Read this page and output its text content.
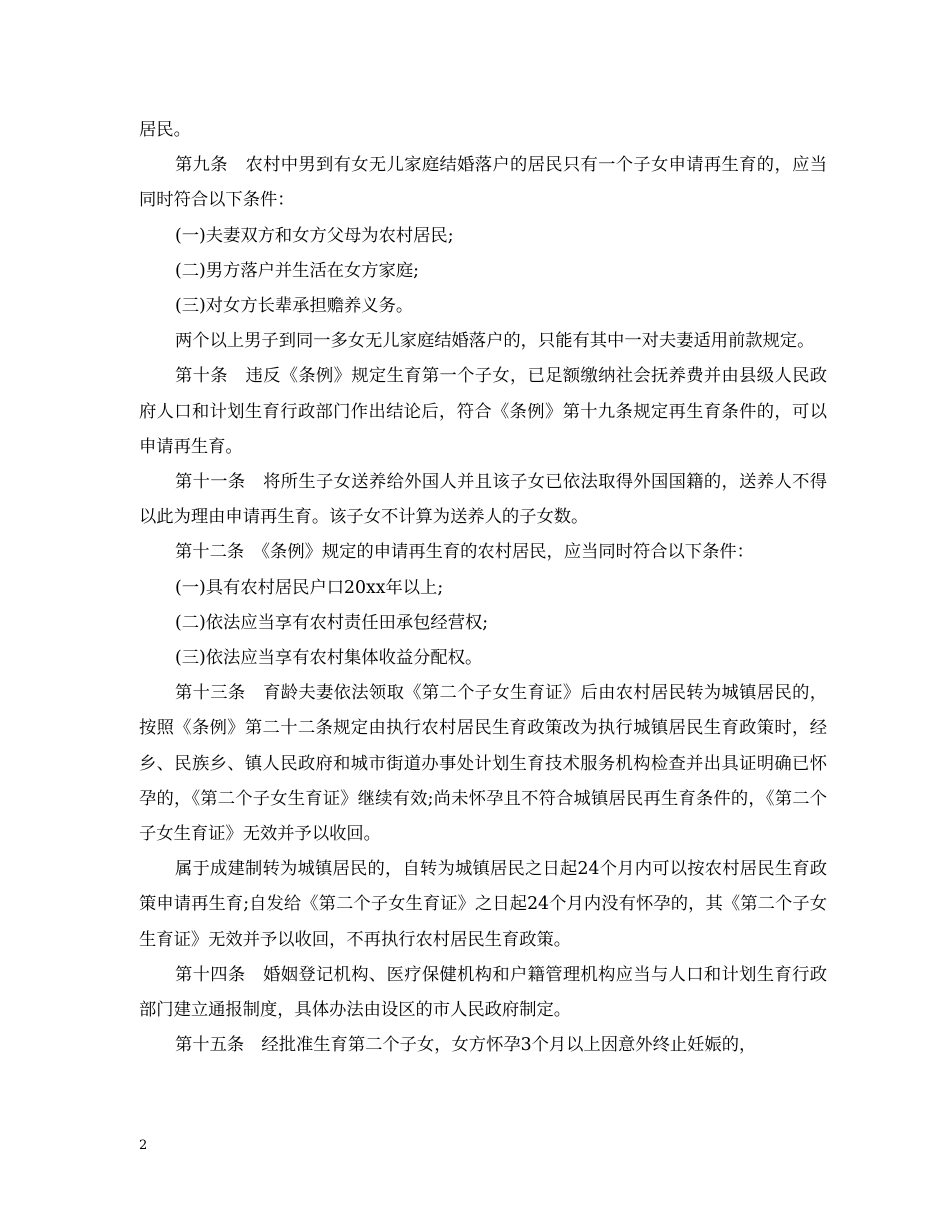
居民。

第九条　农村中男到有女无儿家庭结婚落户的居民只有一个子女申请再生育的，应当同时符合以下条件：

(一)夫妻双方和女方父母为农村居民;

(二)男方落户并生活在女方家庭;

(三)对女方长辈承担赡养义务。

两个以上男子到同一多女无儿家庭结婚落户的，只能有其中一对夫妻适用前款规定。

第十条　违反《条例》规定生育第一个子女，已足额缴纳社会抚养费并由县级人民政府人口和计划生育行政部门作出结论后，符合《条例》第十九条规定再生育条件的，可以申请再生育。

第十一条　将所生子女送养给外国人并且该子女已依法取得外国国籍的，送养人不得以此为理由申请再生育。该子女不计算为送养人的子女数。

第十二条　《条例》规定的申请再生育的农村居民，应当同时符合以下条件：

(一)具有农村居民户口20xx年以上;

(二)依法应当享有农村责任田承包经营权;

(三)依法应当享有农村集体收益分配权。

第十三条　育龄夫妻依法领取《第二个子女生育证》后由农村居民转为城镇居民的，按照《条例》第二十二条规定由执行农村居民生育政策改为执行城镇居民生育政策时，经乡、民族乡、镇人民政府和城市街道办事处计划生育技术服务机构检查并出具证明确已怀孕的，《第二个子女生育证》继续有效;尚未怀孕且不符合城镇居民再生育条件的，《第二个子女生育证》无效并予以收回。

属于成建制转为城镇居民的，自转为城镇居民之日起24个月内可以按农村居民生育政策申请再生育;自发给《第二个子女生育证》之日起24个月内没有怀孕的，其《第二个子女生育证》无效并予以收回，不再执行农村居民生育政策。

第十四条　婚姻登记机构、医疗保健机构和户籍管理机构应当与人口和计划生育行政部门建立通报制度，具体办法由设区的市人民政府制定。

第十五条　经批准生育第二个子女，女方怀孕3个月以上因意外终止妊娠的，

2
